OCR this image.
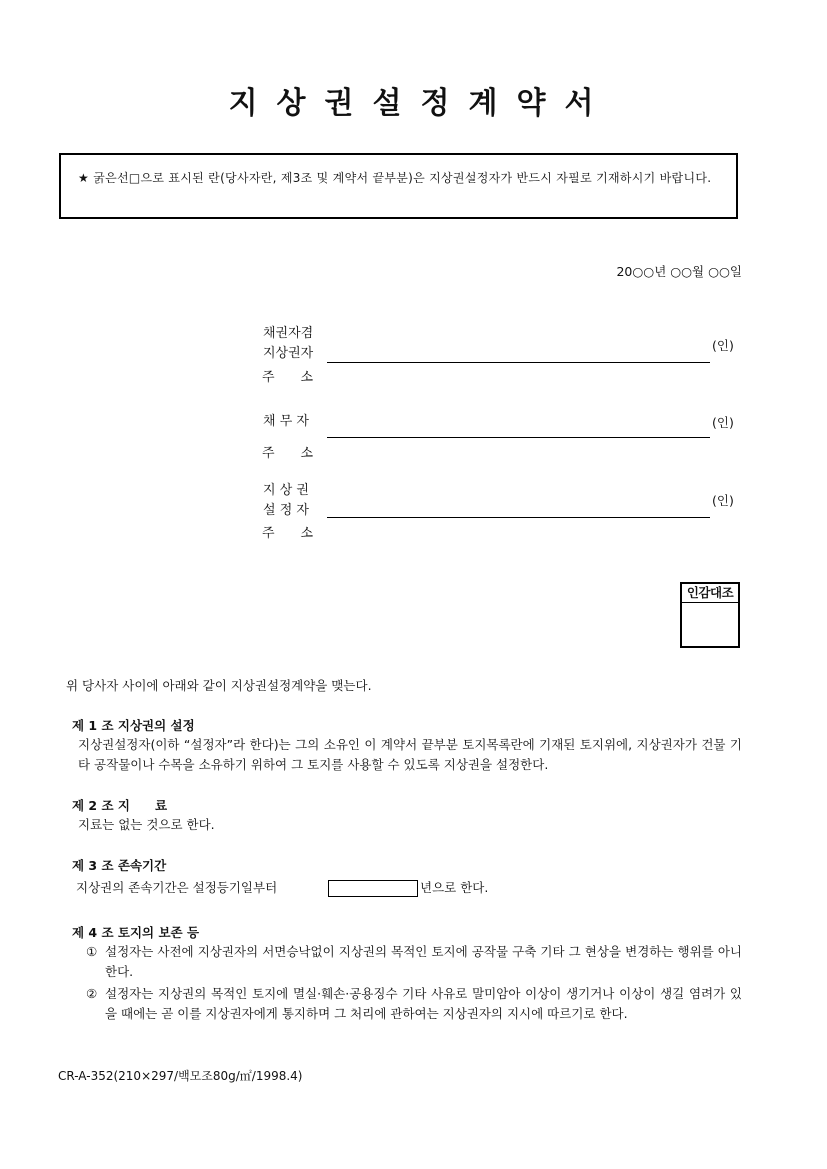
지상권설정계약서
★ 굵은선□으로 표시된 란(당사자란, 제3조 및 계약서 끝부분)은 지상권설정자가 반드시 자필로 기재하시기 바랍니다.
20○○년 ○○월 ○○일
채권자겸
지상권자
(인)
주　　소
채 무 자	(인)
주　　소
지 상 권
설 정 자
(인)
주　　소
인감대조
위 당사자 사이에 아래와 같이 지상권설정계약을 맺는다.
제 1 조 지상권의 설정
지상권설정자(이하 “설정자”라 한다)는 그의 소유인 이 계약서 끝부분 토지목록란에 기재된 토지위에, 지상권자가 건물 기타 공작물이나 수목을 소유하기 위하여 그 토지를 사용할 수 있도록 지상권을 설정한다.
제 2 조 지　　료
지료는 없는 것으로 한다.
제 3 조 존속기간
지상권의 존속기간은 설정등기일부터	년으로 한다.
제 4 조 토지의 보존 등
① 설정자는 사전에 지상권자의 서면승낙없이 지상권의 목적인 토지에 공작물 구축 기타 그 현상을 변경하는 행위를 아니한다.
② 설정자는 지상권의 목적인 토지에 멸실·훼손·공용징수 기타 사유로 말미암아 이상이 생기거나 이상이 생길 염려가 있을 때에는 곧 이를 지상권자에게 통지하며 그 처리에 관하여는 지상권자의 지시에 따르기로 한다.
CR-A-352(210×297/백모조80g/㎡/1998.4)
